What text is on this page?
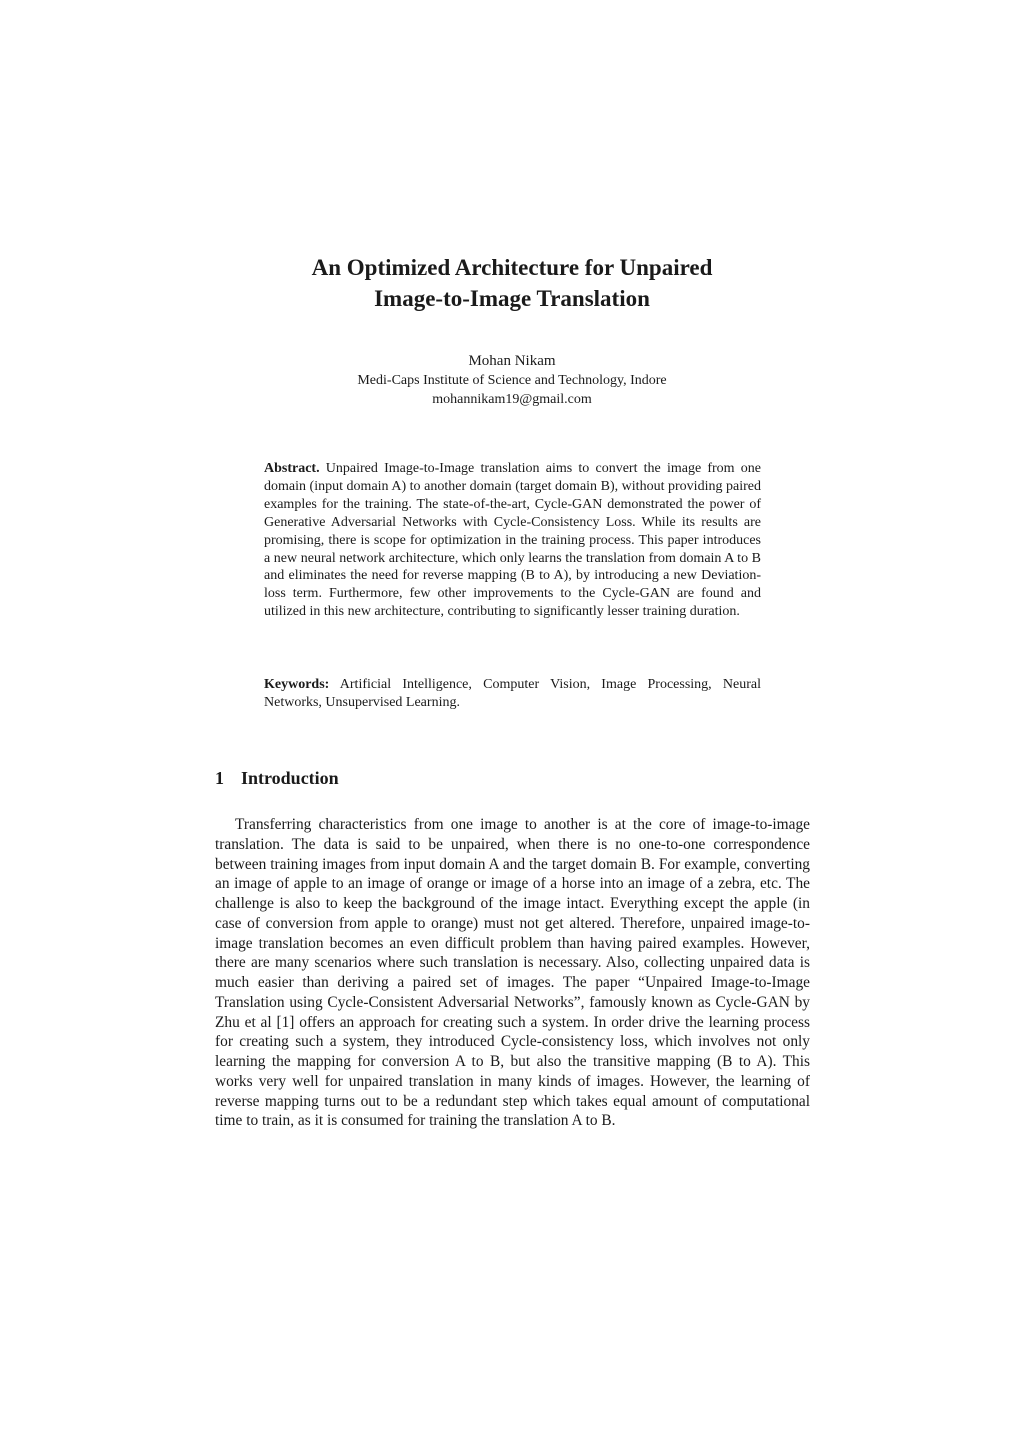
An Optimized Architecture for Unpaired
Image-to-Image Translation
Mohan Nikam
Medi-Caps Institute of Science and Technology, Indore
mohannikam19@gmail.com
Abstract. Unpaired Image-to-Image translation aims to convert the image from one domain (input domain A) to another domain (target domain B), without providing paired examples for the training. The state-of-the-art, Cycle-GAN demonstrated the power of Generative Adversarial Networks with Cycle-Consistency Loss. While its results are promising, there is scope for optimization in the training process. This paper introduces a new neural network architecture, which only learns the translation from domain A to B and eliminates the need for reverse mapping (B to A), by introducing a new Deviation-loss term. Furthermore, few other improvements to the Cycle-GAN are found and utilized in this new architecture, contributing to significantly lesser training duration.
Keywords: Artificial Intelligence, Computer Vision, Image Processing, Neural Networks, Unsupervised Learning.
1 Introduction
Transferring characteristics from one image to another is at the core of image-to-image translation. The data is said to be unpaired, when there is no one-to-one correspondence between training images from input domain A and the target domain B. For example, converting an image of apple to an image of orange or image of a horse into an image of a zebra, etc. The challenge is also to keep the background of the image intact. Everything except the apple (in case of conversion from apple to orange) must not get altered. Therefore, unpaired image-to-image translation becomes an even difficult problem than having paired examples. However, there are many scenarios where such translation is necessary. Also, collecting unpaired data is much easier than deriving a paired set of images. The paper “Unpaired Image-to-Image Translation using Cycle-Consistent Adversarial Networks”, famously known as Cycle-GAN by Zhu et al [1] offers an approach for creating such a system. In order drive the learning process for creating such a system, they introduced Cycle-consistency loss, which involves not only learning the mapping for conversion A to B, but also the transitive mapping (B to A). This works very well for unpaired translation in many kinds of images. However, the learning of reverse mapping turns out to be a redundant step which takes equal amount of computational time to train, as it is consumed for training the translation A to B.
